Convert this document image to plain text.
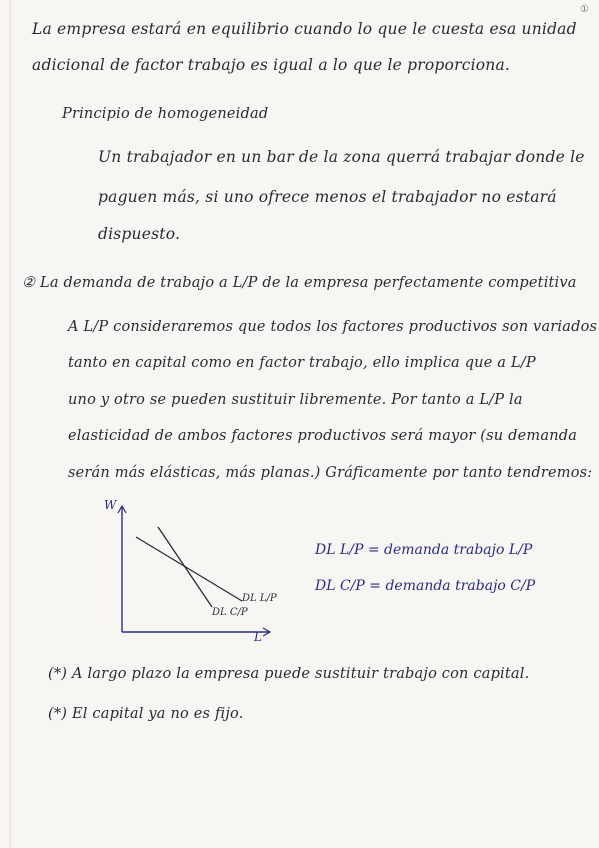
①
La empresa estará en equilibrio cuando lo que le cuesta esa unidad
adicional de factor trabajo es igual a lo que le proporciona.
Principio de homogeneidad
Un trabajador en un bar de la zona querrá trabajar donde le
paguen más, si uno ofrece menos el trabajador no estará
dispuesto.
② La demanda de trabajo a L/P de la empresa perfectamente competitiva
A L/P consideraremos que todos los factores productivos son variados
tanto en capital como en factor trabajo, ello implica que a L/P
uno y otro se pueden sustituir libremente. Por tanto a L/P la
elasticidad de ambos factores productivos será mayor (su demanda
serán más elásticas, más planas.) Gráficamente por tanto tendremos:
W
L
DL L/P
DL C/P
DL L/P = demanda trabajo L/P
DL C/P = demanda trabajo C/P
(*) A largo plazo la empresa puede sustituir trabajo con capital.
(*) El capital ya no es fijo.
